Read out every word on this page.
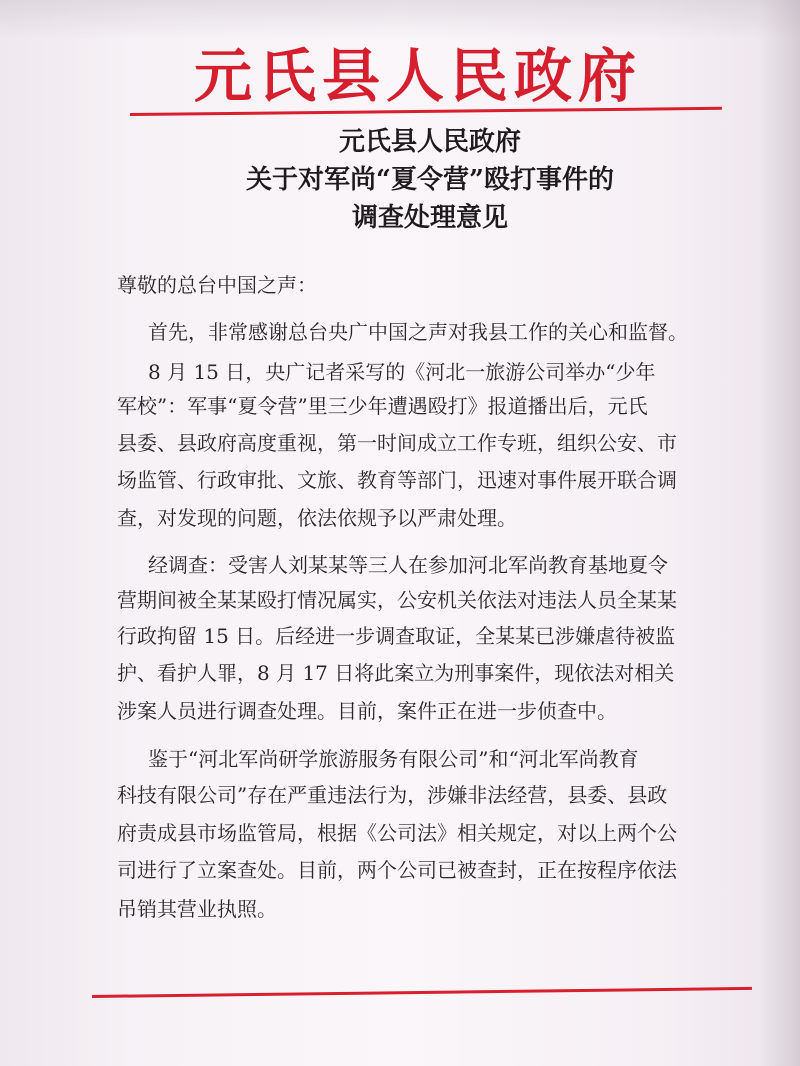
元氏县人民政府
元氏县人民政府
关于对军尚“夏令营”殴打事件的
调查处理意见
尊敬的总台中国之声：
首先，非常感谢总台央广中国之声对我县工作的关心和监督。
8 月 15 日，央广记者采写的《河北一旅游公司举办“少年
军校”：军事“夏令营”里三少年遭遇殴打》报道播出后，元氏
县委、县政府高度重视，第一时间成立工作专班，组织公安、市
场监管、行政审批、文旅、教育等部门，迅速对事件展开联合调
查，对发现的问题，依法依规予以严肃处理。
经调查：受害人刘某某等三人在参加河北军尚教育基地夏令
营期间被全某某殴打情况属实，公安机关依法对违法人员全某某
行政拘留 15 日。后经进一步调查取证，全某某已涉嫌虐待被监
护、看护人罪，8 月 17 日将此案立为刑事案件，现依法对相关
涉案人员进行调查处理。目前，案件正在进一步侦查中。
鉴于“河北军尚研学旅游服务有限公司”和“河北军尚教育
科技有限公司”存在严重违法行为，涉嫌非法经营，县委、县政
府责成县市场监管局，根据《公司法》相关规定，对以上两个公
司进行了立案查处。目前，两个公司已被查封，正在按程序依法
吊销其营业执照。
